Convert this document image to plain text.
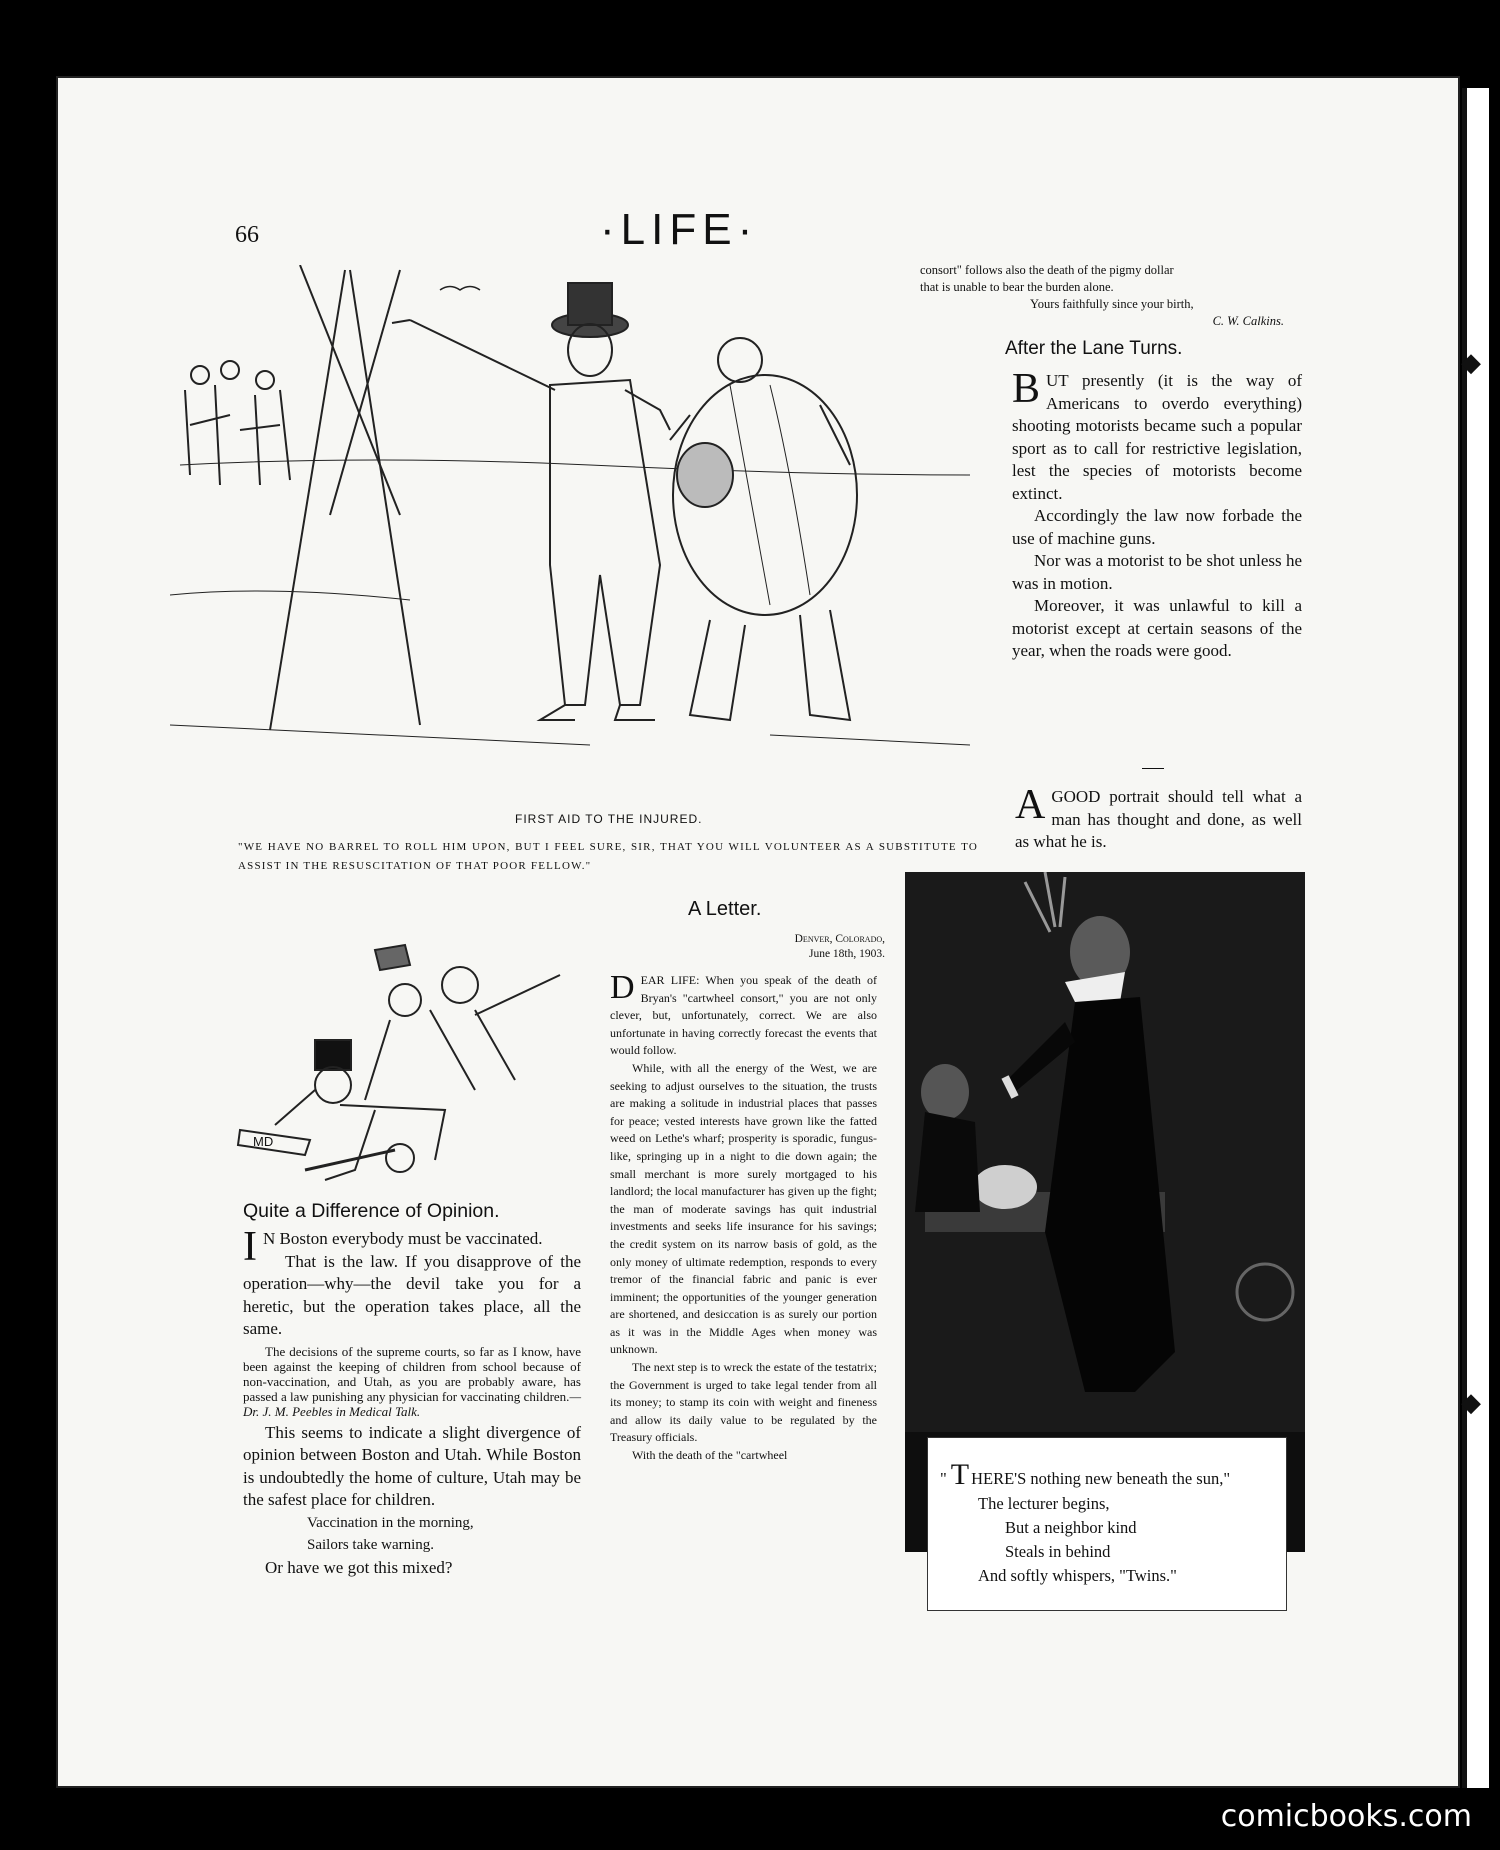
◆
◆
66	·LIFE·
FIRST AID TO THE INJURED.
"WE HAVE NO BARREL TO ROLL HIM UPON, BUT I FEEL SURE, SIR, THAT YOU WILL VOLUNTEER AS A SUBSTITUTE TO ASSIST IN THE RESUSCITATION OF THAT POOR FELLOW."
consort" follows also the death of the pigmy dollar
that is unable to bear the burden alone.
Yours faithfully since your birth,
C. W. Calkins.
After the Lane Turns.

BUT presently (it is the way of Americans to overdo everything) shooting motorists became such a popular sport as to call for restrictive legislation, lest the species of motorists become extinct.

Accordingly the law now forbade the use of machine guns.

Nor was a motorist to be shot unless he was in motion.

Moreover, it was unlawful to kill a motorist except at certain seasons of the year, when the roads were good.

AGOOD portrait should tell what a man has thought and done, as well as what he is.

MD
Quite a Difference of Opinion.

I N Boston everybody must be vaccinated.

That is the law. If you disapprove of the operation—why—the devil take you for a heretic, but the operation takes place, all the same.

The decisions of the supreme courts, so far as I know, have been against the keeping of children from school because of non-vaccination, and Utah, as you are probably aware, has passed a law punishing any physician for vaccinating children.—Dr. J. M. Peebles in Medical Talk.

This seems to indicate a slight divergence of opinion between Boston and Utah. While Boston is undoubtedly the home of culture, Utah may be the safest place for children.

Vaccination in the morning,

Sailors take warning.

Or have we got this mixed?

A Letter.
Denver, Colorado,
June 18th, 1903.

DEAR LIFE: When you speak of the death of Bryan's "cartwheel consort," you are not only clever, but, unfortunately, correct. We are also unfortunate in having correctly forecast the events that would follow.

While, with all the energy of the West, we are seeking to adjust ourselves to the situation, the trusts are making a solitude in industrial places that passes for peace; vested interests have grown like the fatted weed on Lethe's wharf; prosperity is sporadic, fungus-like, springing up in a night to die down again; the small merchant is more surely mortgaged to his landlord; the local manufacturer has given up the fight; the man of moderate savings has quit industrial investments and seeks life insurance for his savings; the credit system on its narrow basis of gold, as the only money of ultimate redemption, responds to every tremor of the financial fabric and panic is ever imminent; the opportunities of the younger generation are shortened, and desiccation is as surely our portion as it was in the Middle Ages when money was unknown.

The next step is to wreck the estate of the testatrix; the Government is urged to take legal tender from all its money; to stamp its coin with weight and fineness and allow its daily value to be regulated by the Treasury officials.

With the death of the "cartwheel

" T HERE'S nothing new beneath the sun,"

The lecturer begins,

But a neighbor kind

Steals in behind

And softly whispers, "Twins."

comicbooks.com
